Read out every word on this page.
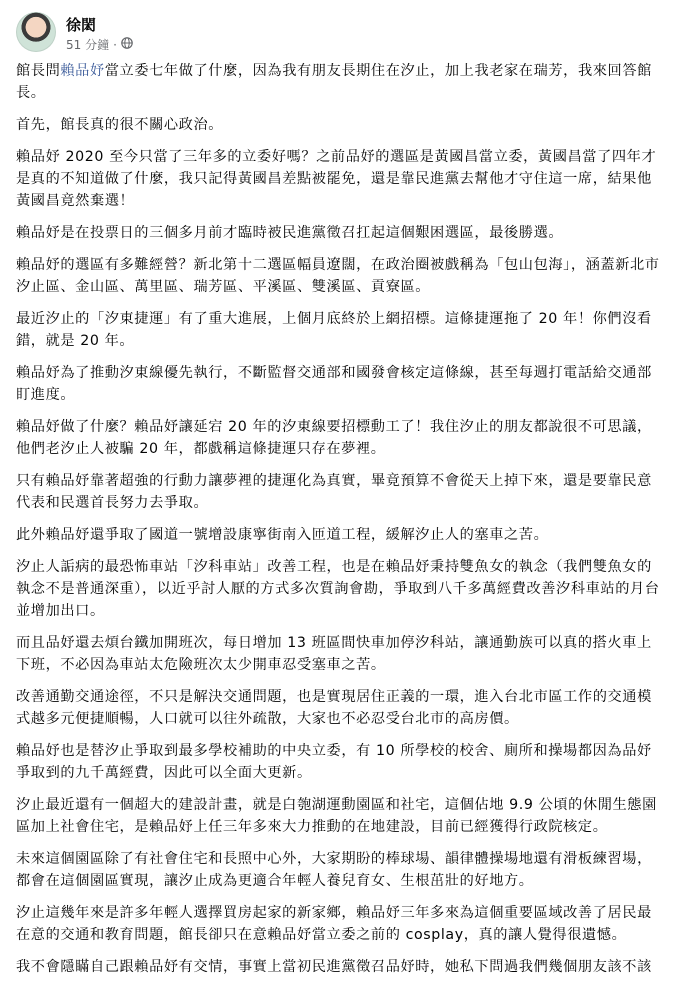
徐閎
51 分鐘 ·

館長問賴品妤當立委七年做了什麼，因為我有朋友長期住在汐止，加上我老家在瑞芳，我來回答館長。

首先，館長真的很不關心政治。

賴品妤 2020 至今只當了三年多的立委好嗎？之前品妤的選區是黃國昌當立委，黃國昌當了四年才是真的不知道做了什麼，我只記得黃國昌差點被罷免，還是靠民進黨去幫他才守住這一席，結果他黃國昌竟然棄選！

賴品妤是在投票日的三個多月前才臨時被民進黨徵召扛起這個艱困選區，最後勝選。

賴品妤的選區有多難經營？新北第十二選區幅員遼闊，在政治圈被戲稱為「包山包海」，涵蓋新北市汐止區、金山區、萬里區、瑞芳區、平溪區、雙溪區、貢寮區。

最近汐止的「汐東捷運」有了重大進展，上個月底終於上網招標。這條捷運拖了 20 年！你們沒看錯，就是 20 年。

賴品妤為了推動汐東線優先執行，不斷監督交通部和國發會核定這條線，甚至每週打電話給交通部盯進度。

賴品妤做了什麼？賴品妤讓延宕 20 年的汐東線要招標動工了！我住汐止的朋友都說很不可思議，他們老汐止人被騙 20 年，都戲稱這條捷運只存在夢裡。

只有賴品妤靠著超強的行動力讓夢裡的捷運化為真實，畢竟預算不會從天上掉下來，還是要靠民意代表和民選首長努力去爭取。

此外賴品妤還爭取了國道一號增設康寧街南入匝道工程，緩解汐止人的塞車之苦。

汐止人詬病的最恐怖車站「汐科車站」改善工程，也是在賴品妤秉持雙魚女的執念（我們雙魚女的執念不是普通深重），以近乎討人厭的方式多次質詢會勘，爭取到八千多萬經費改善汐科車站的月台並增加出口。

而且品妤還去煩台鐵加開班次，每日增加 13 班區間快車加停汐科站，讓通勤族可以真的搭火車上下班，不必因為車站太危險班次太少開車忍受塞車之苦。

改善通勤交通途徑，不只是解決交通問題，也是實現居住正義的一環，進入台北市區工作的交通模式越多元便捷順暢，人口就可以往外疏散，大家也不必忍受台北市的高房價。

賴品妤也是替汐止爭取到最多學校補助的中央立委，有 10 所學校的校舍、廁所和操場都因為品妤爭取到的九千萬經費，因此可以全面大更新。

汐止最近還有一個超大的建設計畫，就是白匏湖運動園區和社宅，這個佔地 9.9 公頃的休閒生態園區加上社會住宅，是賴品妤上任三年多來大力推動的在地建設，目前已經獲得行政院核定。

未來這個園區除了有社會住宅和長照中心外，大家期盼的棒球場、韻律體操場地還有滑板練習場，都會在這個園區實現，讓汐止成為更適合年輕人養兒育女、生根茁壯的好地方。

汐止這幾年來是許多年輕人選擇買房起家的新家鄉，賴品妤三年多來為這個重要區域改善了居民最在意的交通和教育問題，館長卻只在意賴品妤當立委之前的 cosplay，真的讓人覺得很遺憾。

我不會隱瞞自己跟賴品妤有交情，事實上當初民進黨徵召品妤時，她私下問過我們幾個朋友該不該
